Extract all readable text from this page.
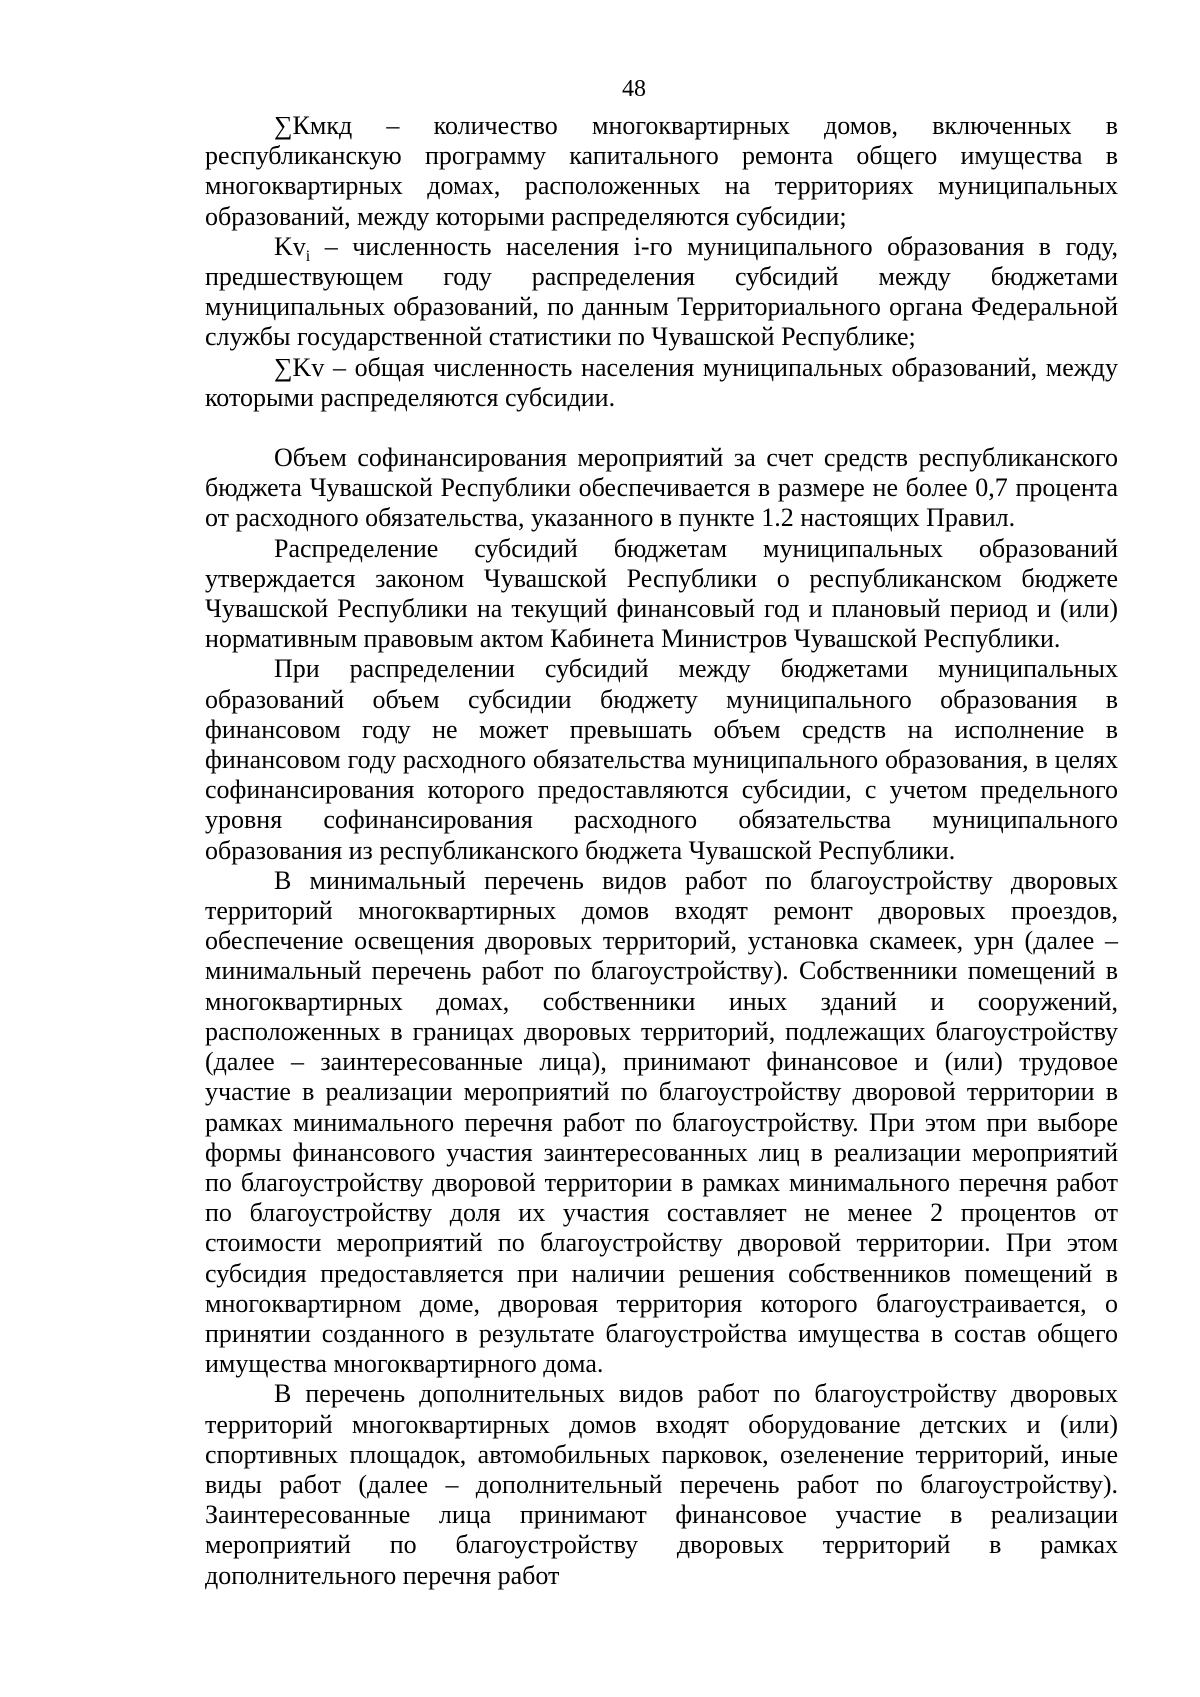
48

∑Кмкд – количество многоквартирных домов, включенных в республиканскую программу капитального ремонта общего имущества в многоквартирных домах, расположенных на территориях муниципальных образований, между которыми распределяются субсидии;

$Kv_i$ – численность населения i-го муниципального образования в году, предшествующем году распределения субсидий между бюджетами муниципальных образований, по данным Территориального органа Федеральной службы государственной статистики по Чувашской Республике;

∑Kv – общая численность населения муниципальных образований, между которыми распределяются субсидии.

Объем софинансирования мероприятий за счет средств республиканского бюджета Чувашской Республики обеспечивается в размере не более 0,7 процента от расходного обязательства, указанного в пункте 1.2 настоящих Правил.

Распределение субсидий бюджетам муниципальных образований утверждается законом Чувашской Республики о республиканском бюджете Чувашской Республики на текущий финансовый год и плановый период и (или) нормативным правовым актом Кабинета Министров Чувашской Республики.

При распределении субсидий между бюджетами муниципальных образований объем субсидии бюджету муниципального образования в финансовом году не может превышать объем средств на исполнение в финансовом году расходного обязательства муниципального образования, в целях софинансирования которого предоставляются субсидии, с учетом предельного уровня софинансирования расходного обязательства муниципального образования из республиканского бюджета Чувашской Республики.

В минимальный перечень видов работ по благоустройству дворовых территорий многоквартирных домов входят ремонт дворовых проездов, обеспечение освещения дворовых территорий, установка скамеек, урн (далее – минимальный перечень работ по благоустройству). Собственники помещений в многоквартирных домах, собственники иных зданий и сооружений, расположенных в границах дворовых территорий, подлежащих благоустройству (далее – заинтересованные лица), принимают финансовое и (или) трудовое участие в реализации мероприятий по благоустройству дворовой территории в рамках минимального перечня работ по благоустройству. При этом при выборе формы финансового участия заинтересованных лиц в реализации мероприятий по благоустройству дворовой территории в рамках минимального перечня работ по благоустройству доля их участия составляет не менее 2 процентов от стоимости мероприятий по благоустройству дворовой территории. При этом субсидия предоставляется при наличии решения собственников помещений в многоквартирном доме, дворовая территория которого благоустраивается, о принятии созданного в результате благоустройства имущества в состав общего имущества многоквартирного дома.

В перечень дополнительных видов работ по благоустройству дворовых территорий многоквартирных домов входят оборудование детских и (или) спортивных площадок, автомобильных парковок, озеленение территорий, иные виды работ (далее – дополнительный перечень работ по благоустройству). Заинтересованные лица принимают финансовое участие в реализации мероприятий по благоустройству дворовых территорий в рамках дополнительного перечня работ
